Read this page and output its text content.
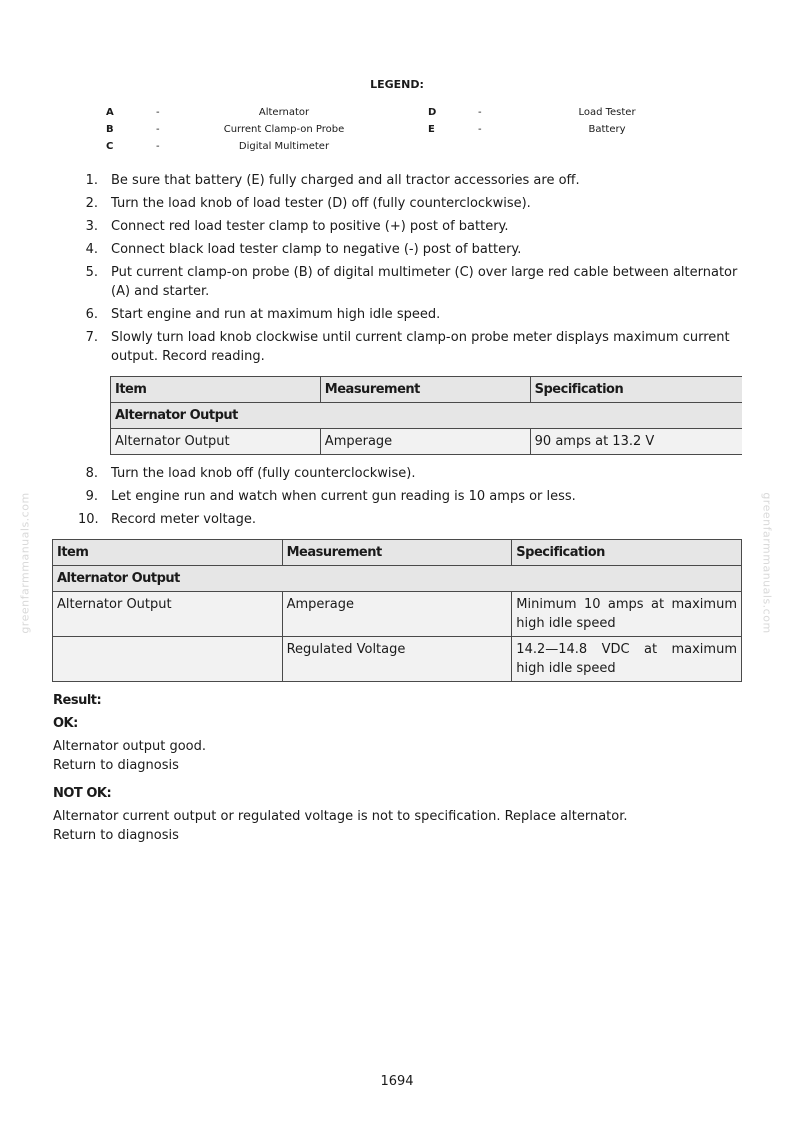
LEGEND:
A	-	Alternator	D	-	Load Tester
B	-	Current Clamp-on Probe	E	-	Battery
C	-	Digital Multimeter
1. Be sure that battery (E) fully charged and all tractor accessories are off.
2. Turn the load knob of load tester (D) off (fully counterclockwise).
3. Connect red load tester clamp to positive (+) post of battery.
4. Connect black load tester clamp to negative (-) post of battery.
5. Put current clamp-on probe (B) of digital multimeter (C) over large red cable between alternator (A) and starter.
6. Start engine and run at maximum high idle speed.
7. Slowly turn load knob clockwise until current clamp-on probe meter displays maximum current output. Record reading.
Item	Measurement	Specification
Alternator Output		
Alternator Output	Amperage	90 amps at 13.2 V
8. Turn the load knob off (fully counterclockwise).
9. Let engine run and watch when current gun reading is 10 amps or less.
10. Record meter voltage.
Item	Measurement	Specification
Alternator Output		
Alternator Output	Amperage	Minimum 10 amps at maximum high idle speed
	Regulated Voltage	14.2—14.8 VDC at maximum high idle speed
Result:
OK:
Alternator output good.
Return to diagnosis
NOT OK:
Alternator current output or regulated voltage is not to specification. Replace alternator.
Return to diagnosis
greenfarmmanuals.com	greenfarmmanuals.com
1694
